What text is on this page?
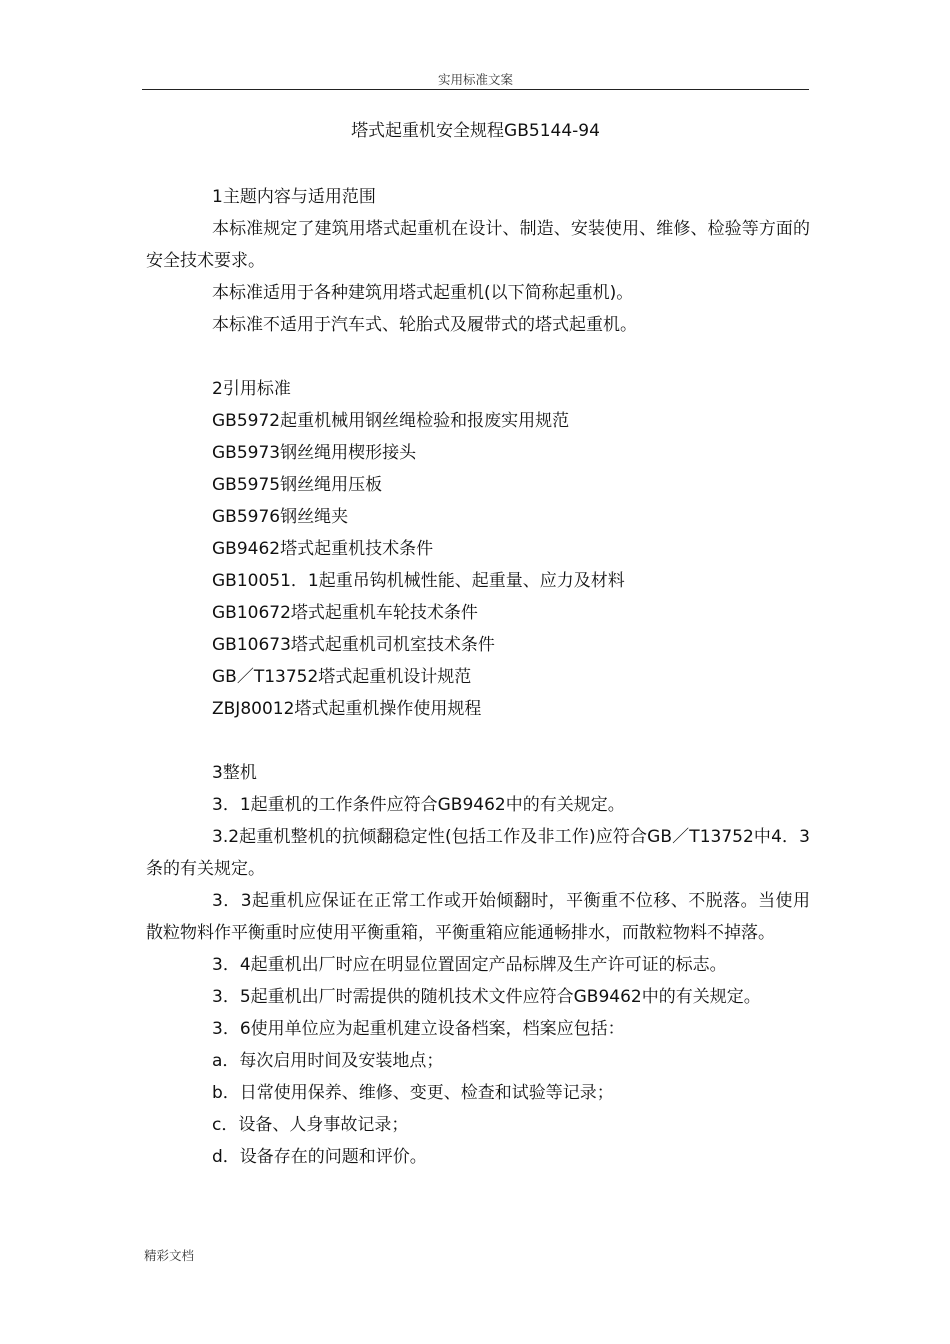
实用标准文案
塔式起重机安全规程GB5144-94

1主题内容与适用范围

本标准规定了建筑用塔式起重机在设计、制造、安装使用、维修、检验等方面的安全技术要求。

本标准适用于各种建筑用塔式起重机(以下简称起重机)。

本标准不适用于汽车式、轮胎式及履带式的塔式起重机。

2引用标准

GB5972起重机械用钢丝绳检验和报废实用规范

GB5973钢丝绳用楔形接头

GB5975钢丝绳用压板

GB5976钢丝绳夹

GB9462塔式起重机技术条件

GB10051．1起重吊钩机械性能、起重量、应力及材料

GB10672塔式起重机车轮技术条件

GB10673塔式起重机司机室技术条件

GB／T13752塔式起重机设计规范

ZBJ80012塔式起重机操作使用规程

3整机

3．1起重机的工作条件应符合GB9462中的有关规定。

3.2起重机整机的抗倾翻稳定性(包括工作及非工作)应符合GB／T13752中4．3条的有关规定。

3．3起重机应保证在正常工作或开始倾翻时，平衡重不位移、不脱落。当使用散粒物料作平衡重时应使用平衡重箱，平衡重箱应能通畅排水，而散粒物料不掉落。

3．4起重机出厂时应在明显位置固定产品标牌及生产许可证的标志。

3．5起重机出厂时需提供的随机技术文件应符合GB9462中的有关规定。

3．6使用单位应为起重机建立设备档案，档案应包括：

a．每次启用时间及安装地点；

b．日常使用保养、维修、变更、检查和试验等记录；

c．设备、人身事故记录；

d．设备存在的问题和评价。

精彩文档
